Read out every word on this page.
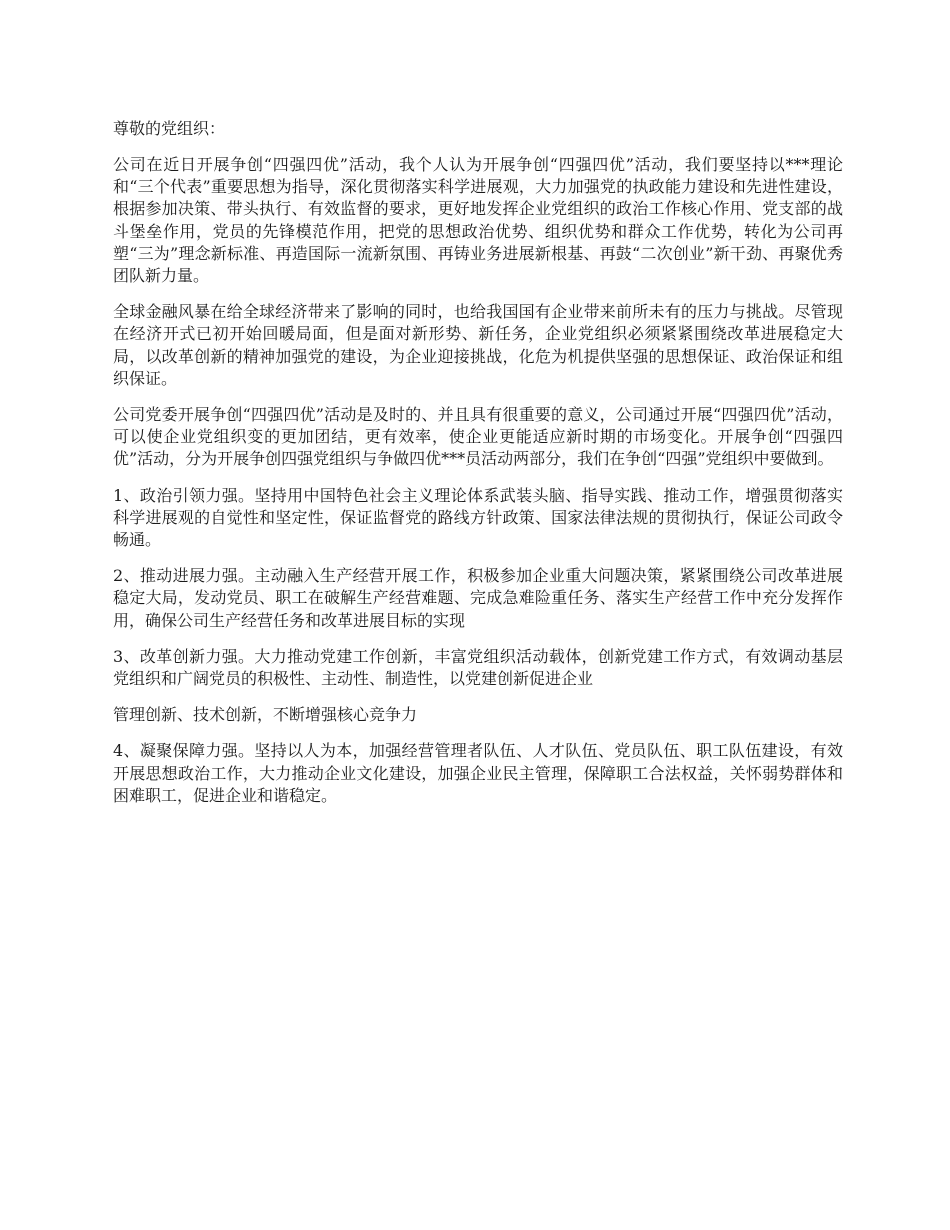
尊敬的党组织：

公司在近日开展争创“四强四优”活动，我个人认为开展争创“四强四优”活动，我们要坚持以***理论和“三个代表”重要思想为指导，深化贯彻落实科学进展观，大力加强党的执政能力建设和先进性建设，根据参加决策、带头执行、有效监督的要求，更好地发挥企业党组织的政治工作核心作用、党支部的战斗堡垒作用，党员的先锋模范作用，把党的思想政治优势、组织优势和群众工作优势，转化为公司再塑“三为”理念新标准、再造国际一流新氛围、再铸业务进展新根基、再鼓“二次创业”新干劲、再聚优秀团队新力量。

全球金融风暴在给全球经济带来了影响的同时，也给我国国有企业带来前所未有的压力与挑战。尽管现在经济开式已初开始回暖局面，但是面对新形势、新任务，企业党组织必须紧紧围绕改革进展稳定大局，以改革创新的精神加强党的建设，为企业迎接挑战，化危为机提供坚强的思想保证、政治保证和组织保证。

公司党委开展争创“四强四优”活动是及时的、并且具有很重要的意义，公司通过开展“四强四优”活动，可以使企业党组织变的更加团结，更有效率，使企业更能适应新时期的市场变化。开展争创“四强四优”活动，分为开展争创四强党组织与争做四优***员活动两部分，我们在争创“四强”党组织中要做到。

1、政治引领力强。坚持用中国特色社会主义理论体系武装头脑、指导实践、推动工作，增强贯彻落实科学进展观的自觉性和坚定性，保证监督党的路线方针政策、国家法律法规的贯彻执行，保证公司政令畅通。

2、推动进展力强。主动融入生产经营开展工作，积极参加企业重大问题决策，紧紧围绕公司改革进展稳定大局，发动党员、职工在破解生产经营难题、完成急难险重任务、落实生产经营工作中充分发挥作用，确保公司生产经营任务和改革进展目标的实现

3、改革创新力强。大力推动党建工作创新，丰富党组织活动载体，创新党建工作方式，有效调动基层党组织和广阔党员的积极性、主动性、制造性，以党建创新促进企业

管理创新、技术创新，不断增强核心竞争力

4、凝聚保障力强。坚持以人为本，加强经营管理者队伍、人才队伍、党员队伍、职工队伍建设，有效开展思想政治工作，大力推动企业文化建设，加强企业民主管理，保障职工合法权益，关怀弱势群体和困难职工，促进企业和谐稳定。
